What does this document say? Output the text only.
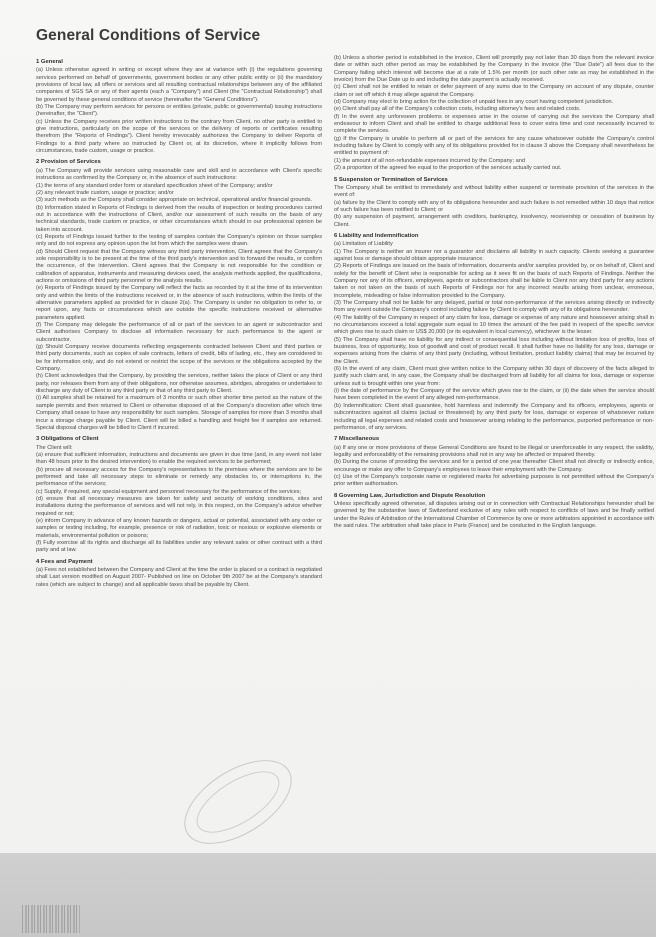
General Conditions of Service
1 General

(a) Unless otherwise agreed in writing or except where they are at variance with (i) the regulations governing services performed on behalf of governments, government bodies or any other public entity or (ii) the mandatory provisions of local law, all offers or services and all resulting contractual relationships between any of the affiliated companies of SGS SA or any of their agents (each a "Company") and Client (the "Contractual Relationship") shall be governed by these general conditions of service (hereinafter the "General Conditions").

(b) The Company may perform services for persons or entities (private, public or governmental) issuing instructions (hereinafter, the "Client").

(c) Unless the Company receives prior written instructions to the contrary from Client, no other party is entitled to give instructions, particularly on the scope of the services or the delivery of reports or certificates resulting therefrom (the "Reports of Findings"). Client hereby irrevocably authorizes the Company to deliver Reports of Findings to a third party where so instructed by Client or, at its discretion, where it implicitly follows from circumstances, trade custom, usage or practice.

2 Provision of Services

(a) The Company will provide services using reasonable care and skill and in accordance with Client's specific instructions as confirmed by the Company or, in the absence of such instructions:

(1) the terms of any standard order form or standard specification sheet of the Company; and/or

(2) any relevant trade custom, usage or practice; and/or

(3) such methods as the Company shall consider appropriate on technical, operational and/or financial grounds.

(b) Information stated in Reports of Findings is derived from the results of inspection or testing procedures carried out in accordance with the instructions of Client, and/or our assessment of such results on the basis of any technical standards, trade custom or practice, or other circumstances which should in our professional opinion be taken into account.

(c) Reports of Findings issued further to the testing of samples contain the Company's opinion on those samples only and do not express any opinion upon the lot from which the samples were drawn.

(d) Should Client request that the Company witness any third party intervention, Client agrees that the Company's sole responsibility is to be present at the time of the third party's intervention and to forward the results, or confirm the occurrence, of the intervention. Client agrees that the Company is not responsible for the condition or calibration of apparatus, instruments and measuring devices used, the analysis methods applied, the qualifications, actions or omissions of third party personnel or the analysis results.

(e) Reports of Findings issued by the Company will reflect the facts as recorded by it at the time of its intervention only and within the limits of the instructions received or, in the absence of such instructions, within the limits of the alternative parameters applied as provided for in clause 2(a). The Company is under no obligation to refer to, or report upon, any facts or circumstances which are outside the specific instructions received or alternative parameters applied.

(f) The Company may delegate the performance of all or part of the services to an agent or subcontractor and Client authorises Company to disclose all information necessary for such performance to the agent or subcontractor.

(g) Should Company receive documents reflecting engagements contracted between Client and third parties or third party documents, such as copies of sale contracts, letters of credit, bills of lading, etc., they are considered to be for information only, and do not extend or restrict the scope of the services or the obligations accepted by the Company.

(h) Client acknowledges that the Company, by providing the services, neither takes the place of Client or any third party, nor releases them from any of their obligations, nor otherwise assumes, abridges, abrogates or undertakes to discharge any duty of Client to any third party or that of any third party to Client.

(i) All samples shall be retained for a maximum of 3 months or such other shorter time period as the nature of the sample permits and then returned to Client or otherwise disposed of at the Company's discretion after which time Company shall cease to have any responsibility for such samples. Storage of samples for more than 3 months shall incur a storage charge payable by Client. Client will be billed a handling and freight fee if samples are returned. Special disposal charges will be billed to Client if incurred.

3 Obligations of Client

The Client will:

(a) ensure that sufficient information, instructions and documents are given in due time (and, in any event not later than 48 hours prior to the desired intervention) to enable the required services to be performed;

(b) procure all necessary access for the Company's representatives to the premises where the services are to be performed and take all necessary steps to eliminate or remedy any obstacles to, or interruptions in, the performance of the services;

(c) Supply, if required, any special equipment and personnel necessary for the performance of the services;

(d) ensure that all necessary measures are taken for safety and security of working conditions, sites and installations during the performance of services and will not rely, in this respect, on the Company's advice whether required or not;

(e) inform Company in advance of any known hazards or dangers, actual or potential, associated with any order or samples or testing including, for example, presence or risk of radiation, toxic or noxious or explosive elements or materials, environmental pollution or poisons;

(f) Fully exercise all its rights and discharge all its liabilities under any relevant sales or other contract with a third party and at law.

4 Fees and Payment

(a) Fees not established between the Company and Client at the time the order is placed or a contract is negotiated shall Last version modified on August 2007- Published on line on October 9th 2007 be at the Company's standard rates (which are subject to change) and all applicable taxes shall be payable by Client.

(b) Unless a shorter period is established in the invoice, Client will promptly pay not later than 30 days from the relevant invoice date or within such other period as may be established by the Company in the invoice (the "Due Date") all fees due to the Company failing which interest will become due at a rate of 1.5% per month (or such other rate as may be established in the invoice) from the Due Date up to and including the date payment is actually received.

(c) Client shall not be entitled to retain or defer payment of any sums due to the Company on account of any dispute, counter claim or set off which it may allege against the Company.

(d) Company may elect to bring action for the collection of unpaid fees in any court having competent jurisdiction.

(e) Client shall pay all of the Company's collection costs, including attorney's fees and related costs.

(f) In the event any unforeseen problems or expenses arise in the course of carrying out the services the Company shall endeavour to inform Client and shall be entitled to charge additional fees to cover extra time and cost necessarily incurred to complete the services.

(g) If the Company is unable to perform all or part of the services for any cause whatsoever outside the Company's control including failure by Client to comply with any of its obligations provided for in clause 3 above the Company shall nevertheless be entitled to payment of:

(1) the amount of all non-refundable expenses incurred by the Company; and

(2) a proportion of the agreed fee equal to the proportion of the services actually carried out.

5 Suspension or Termination of Services

The Company shall be entitled to immediately and without liability either suspend or terminate provision of the services in the event of:

(a) failure by the Client to comply with any of its obligations hereunder and such failure is not remedied within 10 days that notice of such failure has been notified to Client; or

(b) any suspension of payment, arrangement with creditors, bankruptcy, insolvency, receivership or cessation of business by Client.

6 Liability and Indemnification

(a) Limitation of Liability

(1) The Company is neither an insurer nor a guarantor and disclaims all liability in such capacity. Clients seeking a guarantee against loss or damage should obtain appropriate insurance.

(2) Reports of Findings are issued on the basis of information, documents and/or samples provided by, or on behalf of, Client and solely for the benefit of Client who is responsible for acting as it sees fit on the basis of such Reports of Findings. Neither the Company nor any of its officers, employees, agents or subcontractors shall be liable to Client nor any third party for any actions taken or not taken on the basis of such Reports of Findings nor for any incorrect results arising from unclear, erroneous, incomplete, misleading or false information provided to the Company.

(3) The Company shall not be liable for any delayed, partial or total non-performance of the services arising directly or indirectly from any event outside the Company's control including failure by Client to comply with any of its obligations hereunder.

(4) The liability of the Company in respect of any claim for loss, damage or expense of any nature and howsoever arising shall in no circumstances exceed a total aggregate sum equal to 10 times the amount of the fee paid in respect of the specific service which gives rise to such claim or US$ 20,000 (or its equivalent in local currency), whichever is the lesser.

(5) The Company shall have no liability for any indirect or consequential loss including without limitation loss of profits, loss of business, loss of opportunity, loss of goodwill and cost of product recall. It shall further have no liability for any loss, damage or expenses arising from the claims of any third party (including, without limitation, product liability claims) that may be incurred by the Client.

(6) In the event of any claim, Client must give written notice to the Company within 30 days of discovery of the facts alleged to justify such claim and, in any case, the Company shall be discharged from all liability for all claims for loss, damage or expense unless suit is brought within one year from:

(i) the date of performance by the Company of the service which gives rise to the claim, or (ii) the date when the service should have been completed in the event of any alleged non-performance.

(b) Indemnification: Client shall guarantee, hold harmless and indemnify the Company and its officers, employees, agents or subcontractors against all claims (actual or threatened) by any third party for loss, damage or expense of whatsoever nature including all legal expenses and related costs and howsoever arising relating to the performance, purported performance or non-performance, of any services.

7 Miscellaneous

(a) If any one or more provisions of these General Conditions are found to be illegal or unenforceable in any respect, the validity, legality and enforceability of the remaining provisions shall not in any way be affected or impaired thereby.

(b) During the course of providing the services and for a period of one year thereafter Client shall not directly or indirectly entice, encourage or make any offer to Company's employees to leave their employment with the Company.

(c) Use of the Company's corporate name or registered marks for advertising purposes is not permitted without the Company's prior written authorisation.

8 Governing Law, Jurisdiction and Dispute Resolution

Unless specifically agreed otherwise, all disputes arising out or in connection with Contractual Relationships hereunder shall be governed by the substantive laws of Switzerland exclusive of any rules with respect to conflicts of laws and be finally settled under the Rules of Arbitration of the International Chamber of Commerce by one or more arbitrators appointed in accordance with the said rules. The arbitration shall take place in Paris (France) and be conducted in the English language.
